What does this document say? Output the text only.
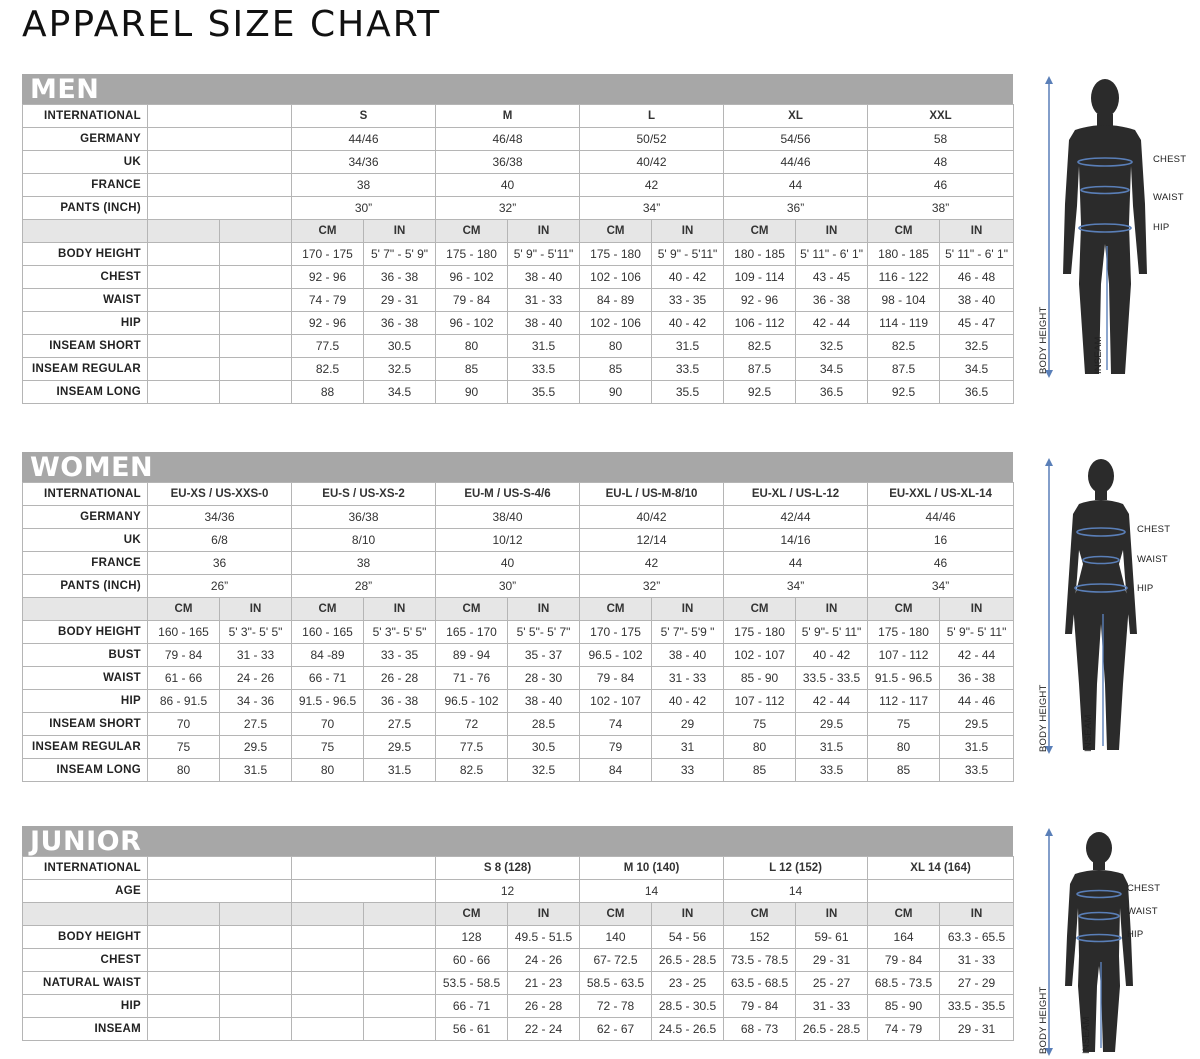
APPAREL SIZE CHART
MEN
INTERNATIONAL			S		M		L		XL		XXL	
GERMANY			44/46		46/48		50/52		54/56		58	
UK			34/36		36/38		40/42		44/46		48	
FRANCE			38		40		42		44		46	
PANTS (INCH)			30”		32”		34”		36”		38”	
			CM	IN	CM	IN	CM	IN	CM	IN	CM	IN
BODY HEIGHT			170 - 175	5' 7" - 5' 9"	175 - 180	5' 9" - 5'11"	175 - 180	5' 9" - 5'11"	180 - 185	5' 11" - 6' 1"	180 - 185	5' 11" - 6' 1"
CHEST			92 - 96	36 - 38	96 - 102	38 - 40	102 - 106	40 - 42	109 - 114	43 - 45	116 - 122	46 - 48
WAIST			74 - 79	29 - 31	79 - 84	31 - 33	84 - 89	33 - 35	92 - 96	36 - 38	98 - 104	38 - 40
HIP			92 - 96	36 - 38	96 - 102	38 - 40	102 - 106	40 - 42	106 - 112	42 - 44	114 - 119	45 - 47
INSEAM SHORT			77.5	30.5	80	31.5	80	31.5	82.5	32.5	82.5	32.5
INSEAM REGULAR			82.5	32.5	85	33.5	85	33.5	87.5	34.5	87.5	34.5
INSEAM LONG			88	34.5	90	35.5	90	35.5	92.5	36.5	92.5	36.5
CHEST
WAIST
HIP
BODY HEIGHT	INSEAM
WOMEN
INTERNATIONAL	EU-XS / US-XXS-0		EU-S / US-XS-2		EU-M / US-S-4/6		EU-L / US-M-8/10		EU-XL / US-L-12		EU-XXL / US-XL-14	
GERMANY	34/36		36/38		38/40		40/42		42/44		44/46	
UK	6/8		8/10		10/12		12/14		14/16		16	
FRANCE	36		38		40		42		44		46	
PANTS (INCH)	26”		28”		30”		32”		34”		34”	
	CM	IN	CM	IN	CM	IN	CM	IN	CM	IN	CM	IN
BODY HEIGHT	160 - 165	5' 3"- 5' 5"	160 - 165	5' 3"- 5' 5"	165 - 170	5' 5"- 5' 7"	170 - 175	5' 7"- 5'9 "	175 - 180	5' 9"- 5' 11"	175 - 180	5' 9"- 5' 11"
BUST	79 - 84	31 - 33	84 -89	33 - 35	89 - 94	35 - 37	96.5 - 102	38 - 40	102 - 107	40 - 42	107 - 112	42 - 44
WAIST	61 - 66	24 - 26	66 - 71	26 - 28	71 - 76	28 - 30	79 - 84	31 - 33	85 - 90	33.5 - 33.5	91.5 - 96.5	36 - 38
HIP	86 - 91.5	34 - 36	91.5 - 96.5	36 - 38	96.5 - 102	38 - 40	102 - 107	40 - 42	107 - 112	42 - 44	112 - 117	44 - 46
INSEAM SHORT	70	27.5	70	27.5	72	28.5	74	29	75	29.5	75	29.5
INSEAM REGULAR	75	29.5	75	29.5	77.5	30.5	79	31	80	31.5	80	31.5
INSEAM LONG	80	31.5	80	31.5	82.5	32.5	84	33	85	33.5	85	33.5
CHEST
WAIST
HIP
BODY HEIGHT	INSEAM
JUNIOR
INTERNATIONAL					S 8 (128)		M 10 (140)		L 12 (152)		XL 14 (164)	
AGE					12		14		14			
					CM	IN	CM	IN	CM	IN	CM	IN
BODY HEIGHT					128	49.5 - 51.5	140	54 - 56	152	59- 61	164	63.3 - 65.5
CHEST					60 - 66	24 - 26	67- 72.5	26.5 - 28.5	73.5 - 78.5	29 - 31	79 - 84	31 - 33
NATURAL WAIST					53.5 - 58.5	21 - 23	58.5 - 63.5	23 - 25	63.5 - 68.5	25 - 27	68.5 - 73.5	27 - 29
HIP					66 - 71	26 - 28	72 - 78	28.5 - 30.5	79 - 84	31 - 33	85 - 90	33.5 - 35.5
INSEAM					56 - 61	22 - 24	62 - 67	24.5 - 26.5	68 - 73	26.5 - 28.5	74 - 79	29 - 31
CHEST
WAIST
HIP
BODY HEIGHT	INSEAM
